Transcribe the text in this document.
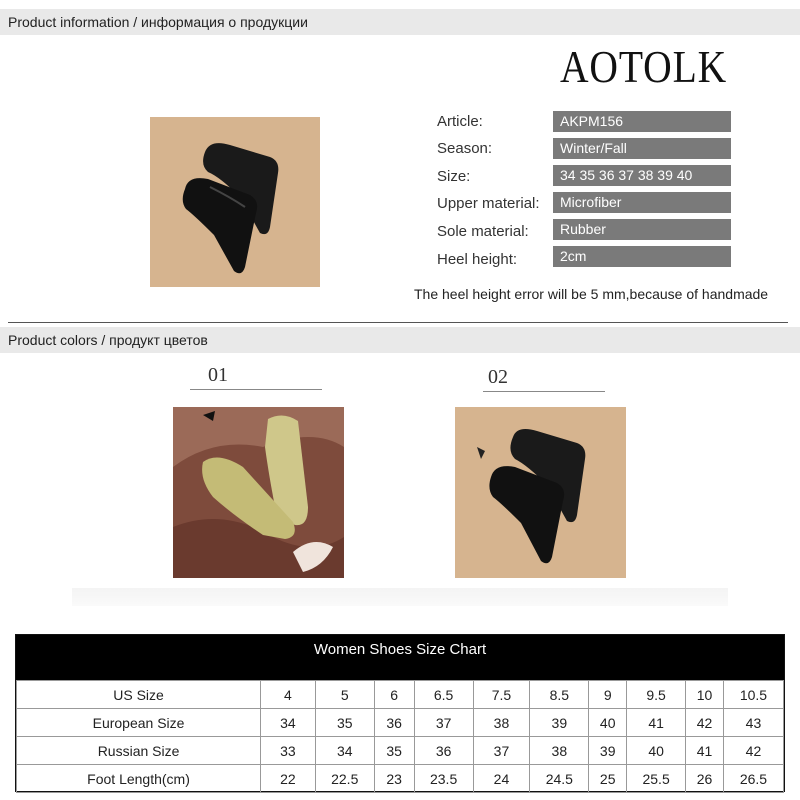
Product information / информация о продукции
AOTOLK
Article:	AKPM156
Season:	Winter/Fall
Size:	34 35 36 37 38 39 40
Upper material:	Microfiber
Sole material:	Rubber
Heel height:	2cm
The heel height error will be 5 mm,because of handmade
Product colors / продукт цветов
01	02
Women Shoes Size Chart
US Size	4	5	6	6.5	7.5	8.5	9	9.5	10	10.5
European Size	34	35	36	37	38	39	40	41	42	43
Russian Size	33	34	35	36	37	38	39	40	41	42
Foot Length(cm)	22	22.5	23	23.5	24	24.5	25	25.5	26	26.5
